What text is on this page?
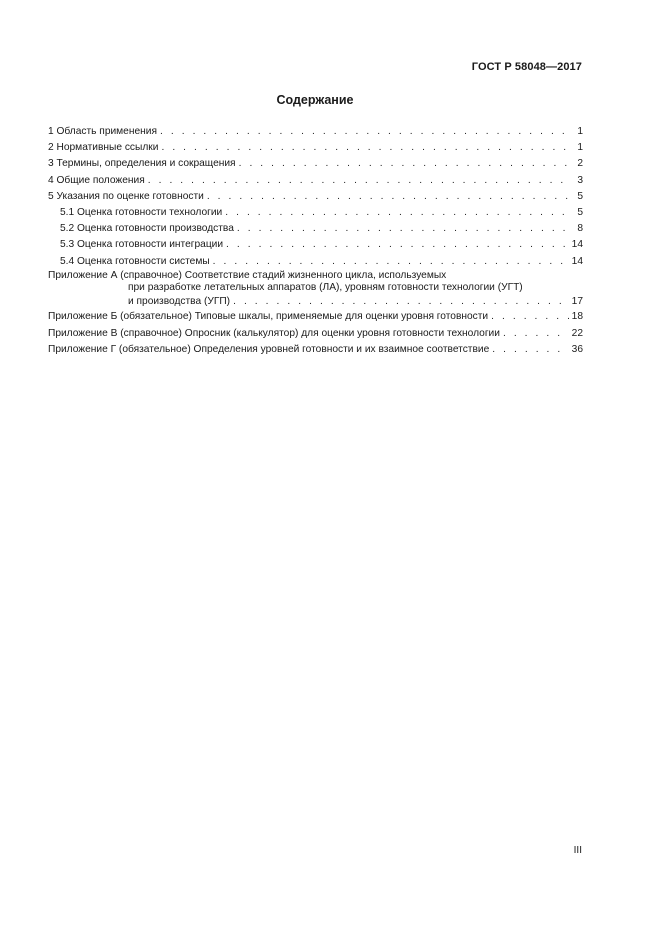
ГОСТ Р 58048—2017
Содержание
1 Область применения . . .	1
2 Нормативные ссылки . . .	1
3 Термины, определения и сокращения . . .	2
4 Общие положения . . .	3
5 Указания по оценке готовности . . .	5
5.1 Оценка готовности технологии . . .	5
5.2 Оценка готовности производства . . .	8
5.3 Оценка готовности интеграции . . .	14
5.4 Оценка готовности системы . . .	14
Приложение А (справочное) Соответствие стадий жизненного цикла, используемых
при разработке летательных аппаратов (ЛА), уровням готовности технологии (УГТ)
и производства (УГП) . . .	17
Приложение Б (обязательное) Типовые шкалы, применяемые для оценки уровня готовности . . .	18
Приложение В (справочное) Опросник (калькулятор) для оценки уровня готовности технологии . . .	22
Приложение Г (обязательное) Определения уровней готовности и их взаимное соответствие . . .	36
III
